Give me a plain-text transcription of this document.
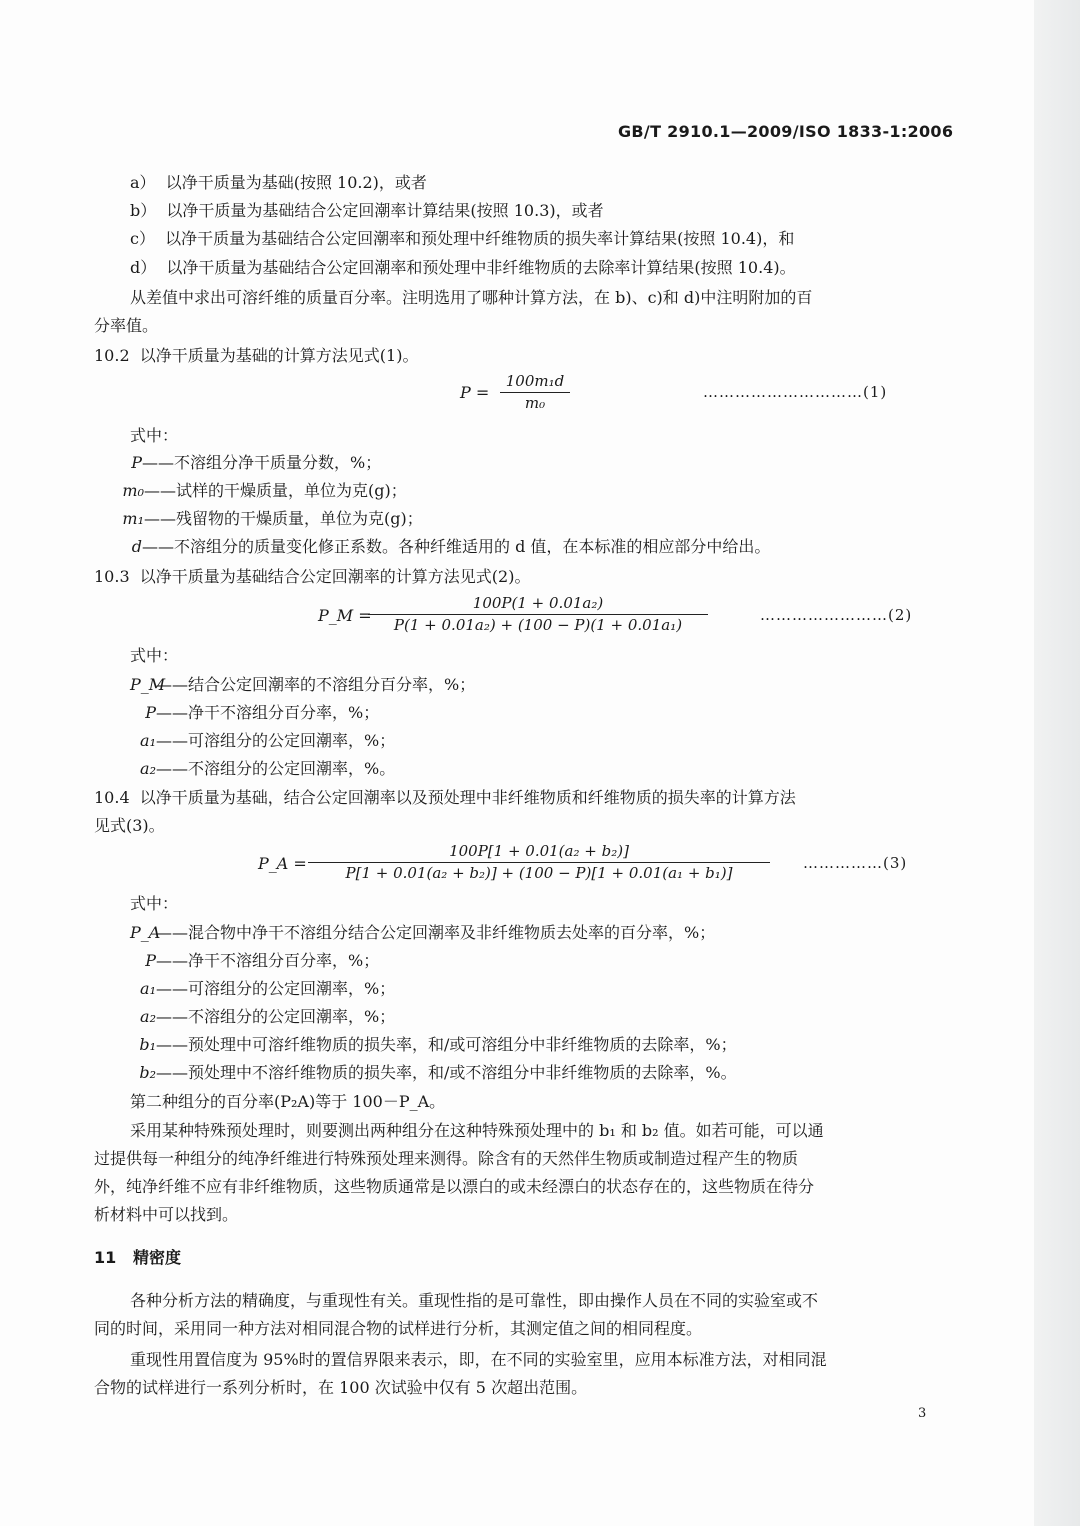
GB/T 2910.1—2009/ISO 1833-1:2006
a） 以净干质量为基础(按照 10.2)，或者
b） 以净干质量为基础结合公定回潮率计算结果(按照 10.3)，或者
c） 以净干质量为基础结合公定回潮率和预处理中纤维物质的损失率计算结果(按照 10.4)，和
d） 以净干质量为基础结合公定回潮率和预处理中非纤维物质的去除率计算结果(按照 10.4)。
从差值中求出可溶纤维的质量百分率。注明选用了哪种计算方法，在 b)、c)和 d)中注明附加的百
分率值。
10.2 以净干质量为基础的计算方法见式(1)。
P =
100m₁d
m₀
…………………………(1)
式中：
P——不溶组分净干质量分数，%；
m₀——试样的干燥质量，单位为克(g)；
m₁——残留物的干燥质量，单位为克(g)；
d——不溶组分的质量变化修正系数。各种纤维适用的 d 值，在本标准的相应部分中给出。
10.3 以净干质量为基础结合公定回潮率的计算方法见式(2)。
P_M =
100P(1 + 0.01a₂)
P(1 + 0.01a₂) + (100 − P)(1 + 0.01a₁)
……………………(2)
式中：
P_M——结合公定回潮率的不溶组分百分率，%；
P——净干不溶组分百分率，%；
a₁——可溶组分的公定回潮率，%；
a₂——不溶组分的公定回潮率，%。
10.4 以净干质量为基础，结合公定回潮率以及预处理中非纤维物质和纤维物质的损失率的计算方法
见式(3)。
P_A =
100P[1 + 0.01(a₂ + b₂)]
P[1 + 0.01(a₂ + b₂)] + (100 − P)[1 + 0.01(a₁ + b₁)]
……………(3)
式中：
P_A——混合物中净干不溶组分结合公定回潮率及非纤维物质去处率的百分率，%；
P——净干不溶组分百分率，%；
a₁——可溶组分的公定回潮率，%；
a₂——不溶组分的公定回潮率，%；
b₁——预处理中可溶纤维物质的损失率，和/或可溶组分中非纤维物质的去除率，%；
b₂——预处理中不溶纤维物质的损失率，和/或不溶组分中非纤维物质的去除率，%。
第二种组分的百分率(P₂A)等于 100－P_A。
采用某种特殊预处理时，则要测出两种组分在这种特殊预处理中的 b₁ 和 b₂ 值。如若可能，可以通
过提供每一种组分的纯净纤维进行特殊预处理来测得。除含有的天然伴生物质或制造过程产生的物质
外，纯净纤维不应有非纤维物质，这些物质通常是以漂白的或未经漂白的状态存在的，这些物质在待分
析材料中可以找到。
11 精密度
各种分析方法的精确度，与重现性有关。重现性指的是可靠性，即由操作人员在不同的实验室或不
同的时间，采用同一种方法对相同混合物的试样进行分析，其测定值之间的相同程度。
重现性用置信度为 95%时的置信界限来表示，即，在不同的实验室里，应用本标准方法，对相同混
合物的试样进行一系列分析时，在 100 次试验中仅有 5 次超出范围。
3
